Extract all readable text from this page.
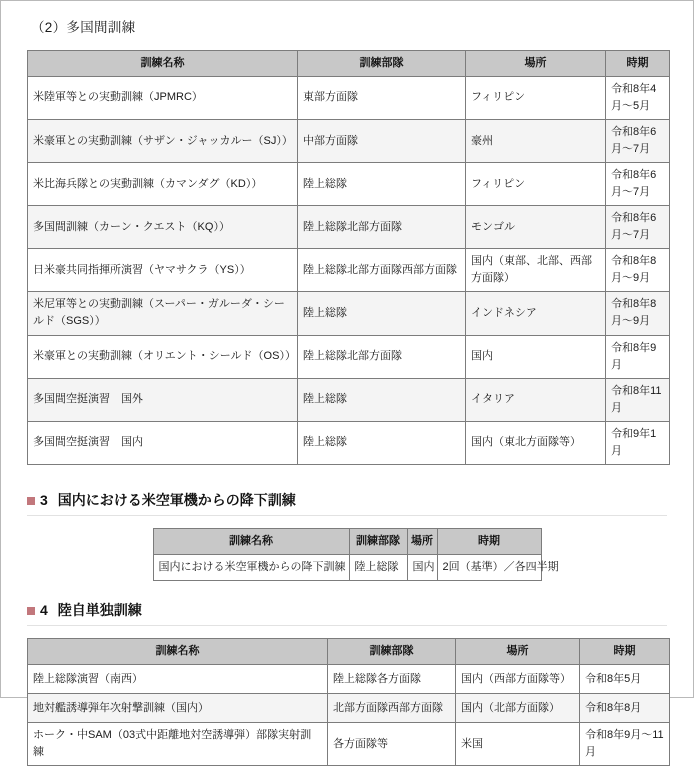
（2）多国間訓練
訓練名称	訓練部隊	場所	時期
米陸軍等との実動訓練（JPMRC）	東部方面隊	フィリピン	令和8年4月～5月
米豪軍との実動訓練（サザン・ジャッカルー（SJ））	中部方面隊	豪州	令和8年6月～7月
米比海兵隊との実動訓練（カマンダグ（KD））	陸上総隊	フィリピン	令和8年6月～7月
多国間訓練（カーン・クエスト（KQ））	陸上総隊北部方面隊	モンゴル	令和8年6月～7月
日米豪共同指揮所演習（ヤマサクラ（YS））	陸上総隊北部方面隊西部方面隊	国内（東部、北部、西部方面隊）	令和8年8月～9月
米尼軍等との実動訓練（スーパー・ガルーダ・シールド（SGS））	陸上総隊	インドネシア	令和8年8月～9月
米豪軍との実動訓練（オリエント・シールド（OS））	陸上総隊北部方面隊	国内	令和8年9月
多国間空挺演習　国外	陸上総隊	イタリア	令和8年11月
多国間空挺演習　国内	陸上総隊	国内（東北方面隊等）	令和9年1月
3 国内における米空軍機からの降下訓練
訓練名称	訓練部隊	場所	時期
国内における米空軍機からの降下訓練	陸上総隊	国内	2回（基準）／各四半期
4 陸自単独訓練
訓練名称	訓練部隊	場所	時期
陸上総隊演習（南西）	陸上総隊各方面隊	国内（西部方面隊等）	令和8年5月
地対艦誘導弾年次射撃訓練（国内）	北部方面隊西部方面隊	国内（北部方面隊）	令和8年8月
ホーク・中SAM（03式中距離地対空誘導弾）部隊実射訓練	各方面隊等	米国	令和8年9月～11月
